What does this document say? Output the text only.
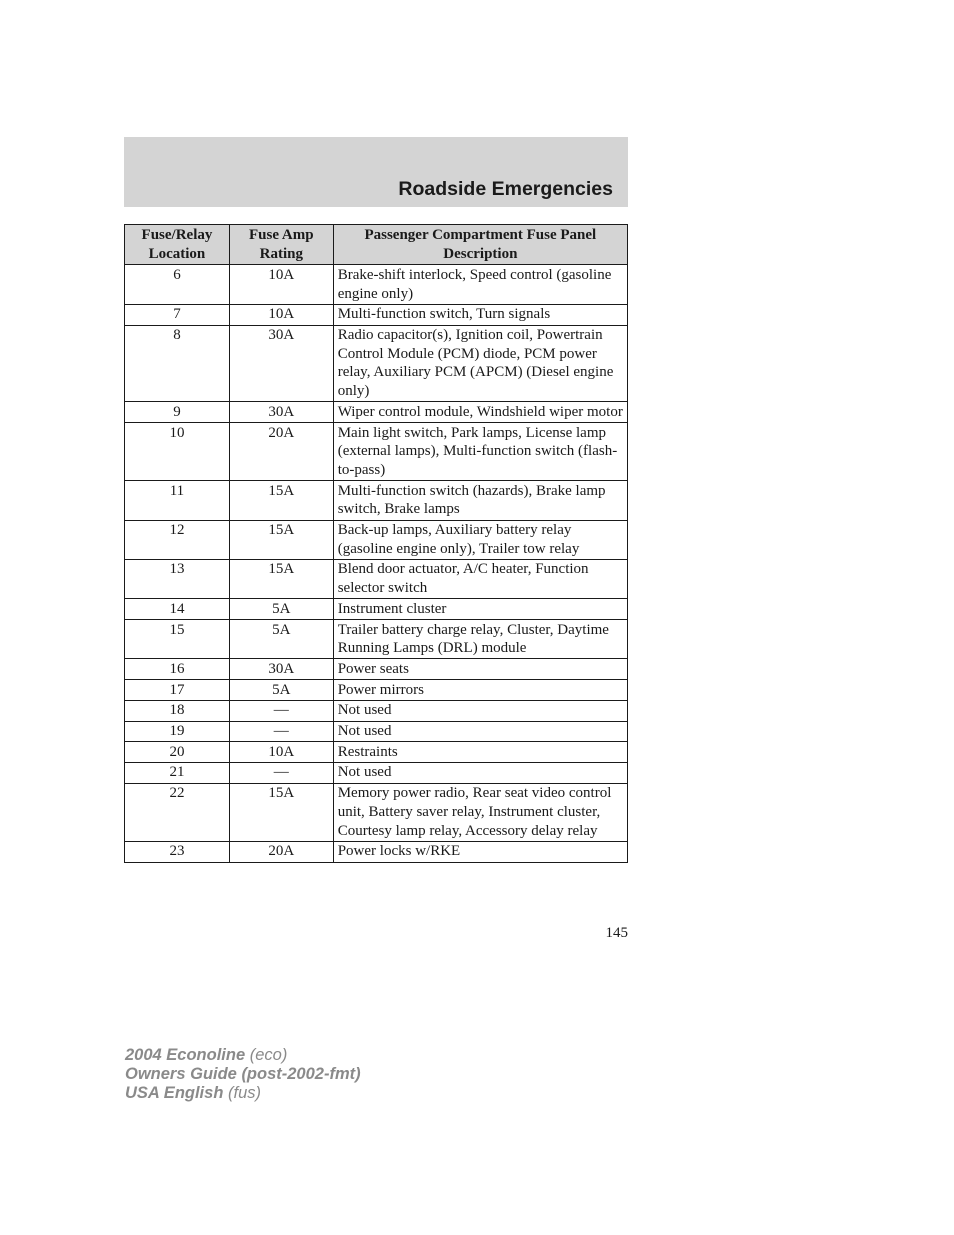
Roadside Emergencies
Fuse/Relay Location	Fuse Amp Rating	Passenger Compartment Fuse Panel Description
6	10A	Brake-shift interlock, Speed control (gasoline engine only)
7	10A	Multi-function switch, Turn signals
8	30A	Radio capacitor(s), Ignition coil, Powertrain Control Module (PCM) diode, PCM power relay, Auxiliary PCM (APCM) (Diesel engine only)
9	30A	Wiper control module, Windshield wiper motor
10	20A	Main light switch, Park lamps, License lamp (external lamps), Multi-function switch (flash-to-pass)
11	15A	Multi-function switch (hazards), Brake lamp switch, Brake lamps
12	15A	Back-up lamps, Auxiliary battery relay (gasoline engine only), Trailer tow relay
13	15A	Blend door actuator, A/C heater, Function selector switch
14	5A	Instrument cluster
15	5A	Trailer battery charge relay, Cluster, Daytime Running Lamps (DRL) module
16	30A	Power seats
17	5A	Power mirrors
18	—	Not used
19	—	Not used
20	10A	Restraints
21	—	Not used
22	15A	Memory power radio, Rear seat video control unit, Battery saver relay, Instrument cluster, Courtesy lamp relay, Accessory delay relay
23	20A	Power locks w/RKE
145
2004 Econoline (eco)
Owners Guide (post-2002-fmt)
USA English (fus)
